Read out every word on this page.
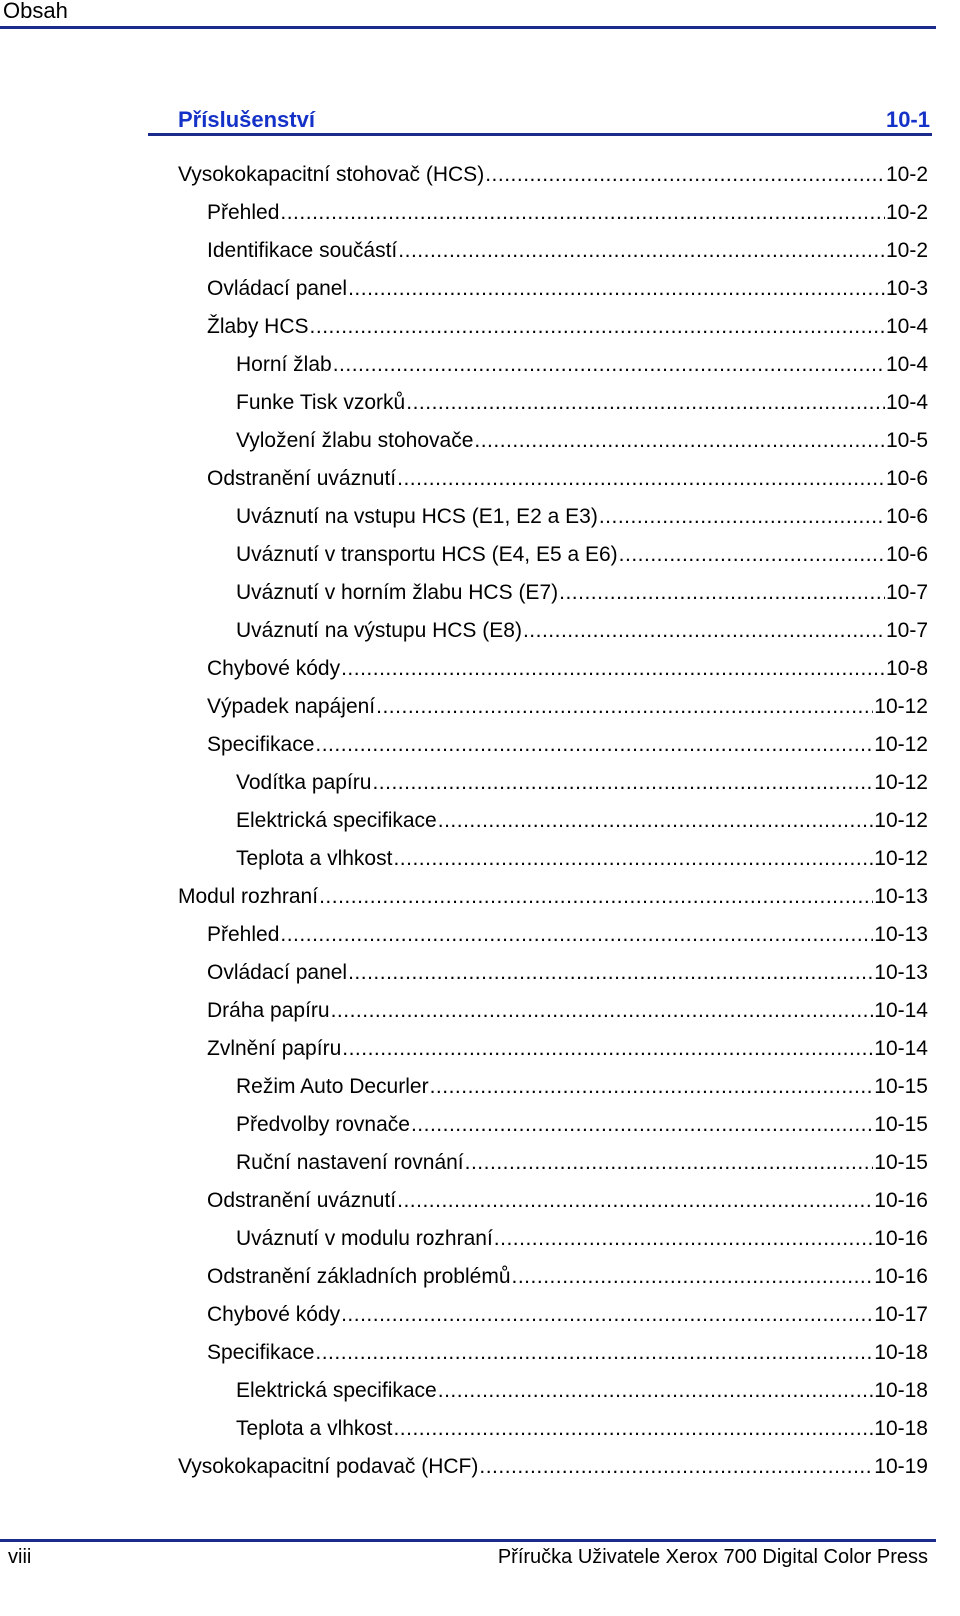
Obsah
Příslušenství	10-1
Vysokokapacitní stohovač (HCS) .....	10-2
Přehled .....	10-2
Identifikace součástí .....	10-2
Ovládací panel .....	10-3
Žlaby HCS .....	10-4
Horní žlab .....	10-4
Funke Tisk vzorků .....	10-4
Vyložení žlabu stohovače .....	10-5
Odstranění uváznutí .....	10-6
Uváznutí na vstupu HCS (E1, E2 a E3) .....	10-6
Uváznutí v transportu HCS (E4, E5 a E6) .....	10-6
Uváznutí v horním žlabu HCS (E7) .....	10-7
Uváznutí na výstupu HCS (E8) .....	10-7
Chybové kódy .....	10-8
Výpadek napájení .....	10-12
Specifikace .....	10-12
Vodítka papíru .....	10-12
Elektrická specifikace .....	10-12
Teplota a vlhkost .....	10-12
Modul rozhraní .....	10-13
Přehled .....	10-13
Ovládací panel .....	10-13
Dráha papíru .....	10-14
Zvlnění papíru .....	10-14
Režim Auto Decurler .....	10-15
Předvolby rovnače .....	10-15
Ruční nastavení rovnání .....	10-15
Odstranění uváznutí .....	10-16
Uváznutí v modulu rozhraní .....	10-16
Odstranění základních problémů .....	10-16
Chybové kódy .....	10-17
Specifikace .....	10-18
Elektrická specifikace .....	10-18
Teplota a vlhkost .....	10-18
Vysokokapacitní podavač (HCF) .....	10-19
viii	Příručka Uživatele Xerox 700 Digital Color Press
